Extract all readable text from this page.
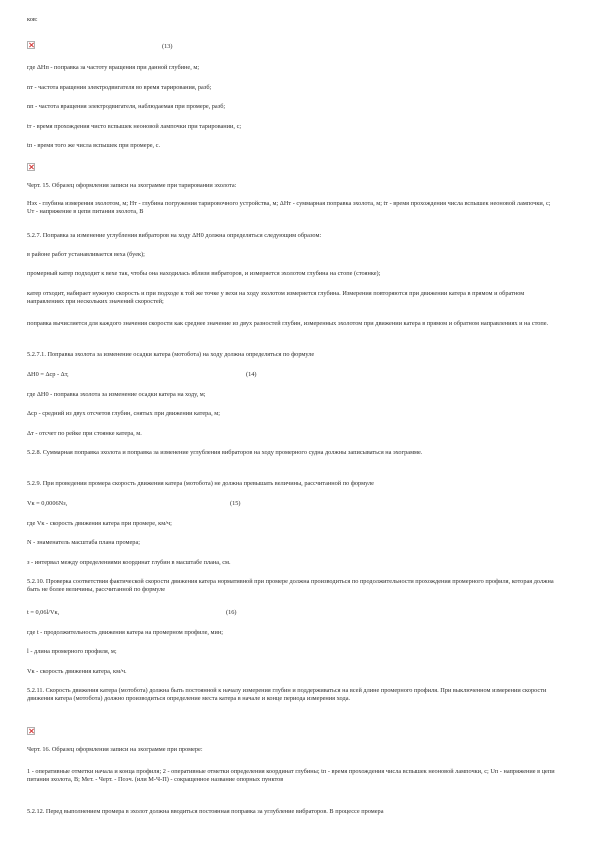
ков:

(13)

где ΔHп - поправка за частоту вращения при данной глубине, м;

nт - частота вращения электродвигателя во время тарирования, разб;

nп - частота вращения электродвигателя, наблюдаемая при промере, разб;

tт - время прохождения чисто вспышек неоновой лампочки при тарировании, с;

tп - время того же числа вспышек при промере, с.

Черт. 15. Образец оформления записи на эхограмме при тарировании эхолота:

Hэх - глубина измерения эхолотом, м; Hт - глубина погружения тарировочного устройства, м; ΔHт - суммарная поправка эхолота, м; tт - время прохождения числа вспышек неоновой лампочки, с; Uт - напряжение в цепи питания эхолота, В

5.2.7. Поправка за изменение углубления вибраторов на ходу ΔH0 должна определяться следующим образом:

в районе работ устанавливается веха (буек);

промерный катер подходит к вехе так, чтобы она находилась вблизи вибраторов, и измеряется эхолотом глубина на стопе (стоянке);

катер отходит, набирает нужную скорость и при подходе к той же точке у вехи на ходу эхолотом измеряется глубина. Измерения повторяются при движении катера в прямом и обратном направлениях при нескольких значений скоростей;

поправка вычисляется для каждого значения скорости как среднее значение из двух разностей глубин, измеренных эхолотом при движении катера в прямом и обратном направлениях и на стопе.

5.2.7.1. Поправка эхолота за изменение осадки катера (мотобота) на ходу должна определяться по формуле

ΔH0 = Δср - Δт,	(14)

где ΔH0 - поправка эхолота за изменение осадки катера на ходу, м;

Δср - средний из двух отсчетов глубин, снятых при движении катера, м;

Δт - отсчет по рейке при стоянке катера, м.

5.2.8. Суммарная поправка эхолота и поправка за изменение углубления вибраторов на ходу промерного судна должны записываться на эхограмме.

5.2.9. При проведении промера скорость движения катера (мотобота) не должна превышать величины, рассчитанной по формуле

Vк = 0,0006Nз,	(15)

где Vк - скорость движения катера при промере, км/ч;

N - знаменатель масштаба плана промера;

з - интервал между определениями координат глубин в масштабе плана, см.

5.2.10. Проверка соответствия фактической скорости движения катера нормативной при промере должна производиться по продолжительности прохождения промерного профиля, которая должна быть не более величины, рассчитанной по формуле

t = 0,06l/Vк,	(16)

где t - продолжительность движения катера на промерном профиле, мин;

l - длина промерного профиля, м;

Vк - скорость движения катера, км/ч.

5.2.11. Скорость движения катера (мотобота) должна быть постоянной к началу измерения глубин и поддерживаться на всей длине промерного профиля. При выключенном измерении скорости движения катера (мотобота) должно производиться определение места катера в начале и конце периода измерения хода.

Черт. 16. Образец оформления записи на эхограмме при промере:

1 - оперативные отметки начала и конца профиля; 2 - оперативные отметки определения координат глубины; tп - время прохождения числа вспышек неоновой лампочки, с; Uп - напряжение в цепи питания эхолота, В; Мет. - Черт. - Поэч. (или М-Ч-П) - сокращенное название опорных пунктов

5.2.12. Перед выполнением промера в эхолот должна вводиться постоянная поправка за углубление вибраторов. В процессе промера
